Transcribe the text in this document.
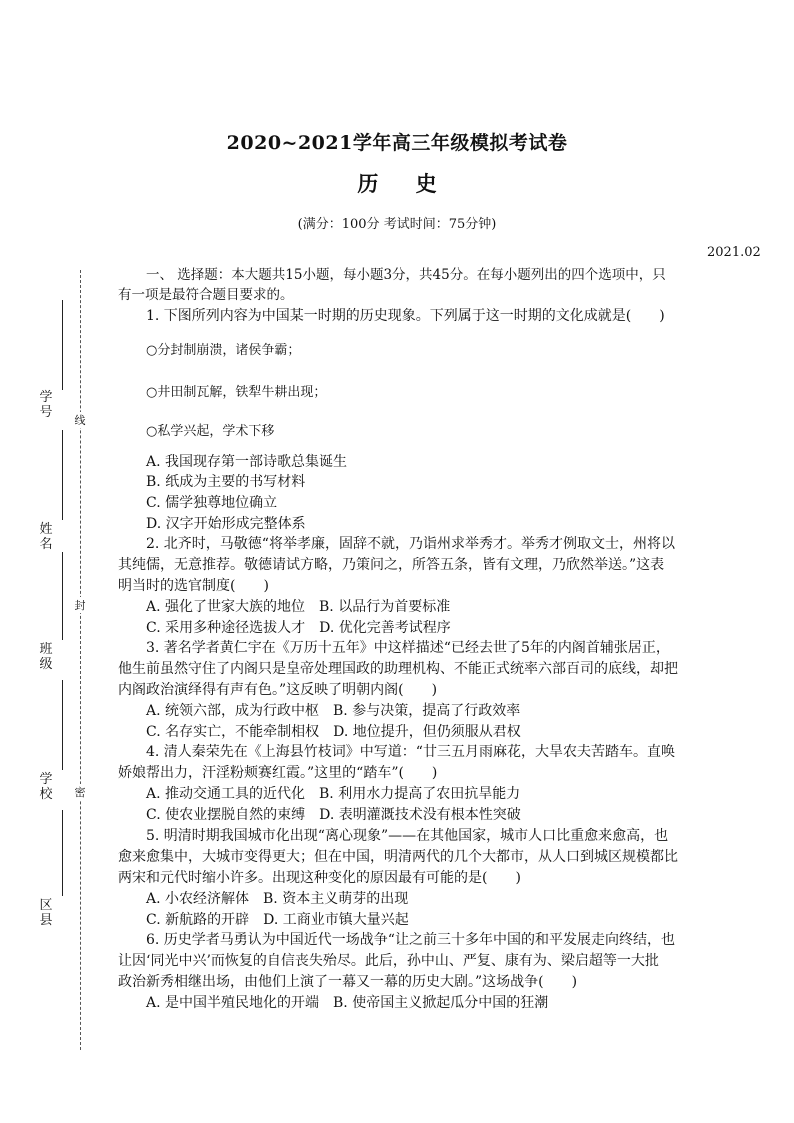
2020~2021学年高三年级模拟考试卷
历 史
(满分：100分 考试时间：75分钟)
2021.02
学号
姓名
班级
学校
区县
线
封
密
一、 选择题：本大题共15小题，每小题3分，共45分。在每小题列出的四个选项中，只有一项是最符合题目要求的。
1. 下图所列内容为中国某一时期的历史现象。下列属于这一时期的文化成就是(　　)
○分封制崩溃，诸侯争霸；
○井田制瓦解，铁犁牛耕出现；
○私学兴起，学术下移
A. 我国现存第一部诗歌总集诞生
B. 纸成为主要的书写材料
C. 儒学独尊地位确立
D. 汉字开始形成完整体系
2. 北齐时，马敬德“将举孝廉，固辞不就，乃诣州求举秀才。举秀才例取文士，州将以
其纯儒，无意推荐。敬德请试方略，乃策问之，所答五条，皆有文理，乃欣然举送。”这表
明当时的选官制度(　　)
A. 强化了世家大族的地位　B. 以品行为首要标准
C. 采用多种途径选拔人才　D. 优化完善考试程序
3. 著名学者黄仁宇在《万历十五年》中这样描述“已经去世了5年的内阁首辅张居正，
他生前虽然守住了内阁只是皇帝处理国政的助理机构、不能正式统率六部百司的底线，却把
内阁政治演绎得有声有色。”这反映了明朝内阁(　　)
A. 统领六部，成为行政中枢　B. 参与决策，提高了行政效率
C. 名存实亡，不能牵制相权　D. 地位提升，但仍须服从君权
4. 清人秦荣先在《上海县竹枝词》中写道：“廿三五月雨麻花，大旱农夫苦踏车。直唤
娇娘帮出力，汗淫粉颊赛红霞。”这里的“踏车”(　　)
A. 推动交通工具的近代化　B. 利用水力提高了农田抗旱能力
C. 使农业摆脱自然的束缚　D. 表明灌溉技术没有根本性突破
5. 明清时期我国城市化出现“离心现象”——在其他国家，城市人口比重愈来愈高，也
愈来愈集中，大城市变得更大；但在中国，明清两代的几个大都市，从人口到城区规模都比
两宋和元代时缩小许多。出现这种变化的原因最有可能的是(　　)
A. 小农经济解体　B. 资本主义萌芽的出现
C. 新航路的开辟　D. 工商业市镇大量兴起
6. 历史学者马勇认为中国近代一场战争“让之前三十多年中国的和平发展走向终结，也
让因‘同光中兴’而恢复的自信丧失殆尽。此后，孙中山、严复、康有为、梁启超等一大批
政治新秀相继出场，由他们上演了一幕又一幕的历史大剧。”这场战争(　　)
A. 是中国半殖民地化的开端　B. 使帝国主义掀起瓜分中国的狂潮
